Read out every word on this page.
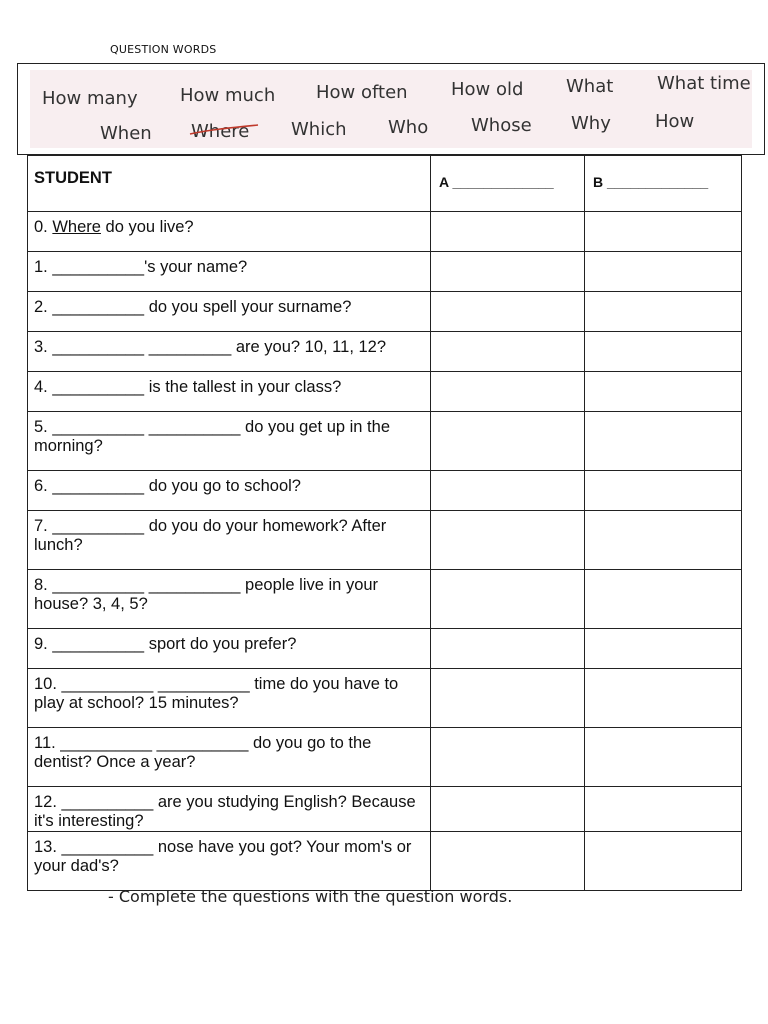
QUESTION WORDS
How many How much How often How old What What time
When Where Which Who Whose Why How
STUDENT	A _____________	B _____________
0. Where do you live?		
1. __________'s your name?		
2. __________ do you spell your surname?		
3. __________ _________ are you? 10, 11, 12?		
4. __________ is the tallest in your class?		
5. __________ __________ do you get up in the morning?		
6. __________ do you go to school?		
7. __________ do you do your homework? After lunch?		
8. __________ __________ people live in your house? 3, 4, 5?		
9. __________ sport do you prefer?		
10. __________ __________ time do you have to play at school? 15 minutes?		
11. __________ __________ do you go to the dentist? Once a year?		
12. __________ are you studying English? Because it's interesting?		
13. __________ nose have you got? Your mom's or your dad's?		
- Complete the questions with the question words.
